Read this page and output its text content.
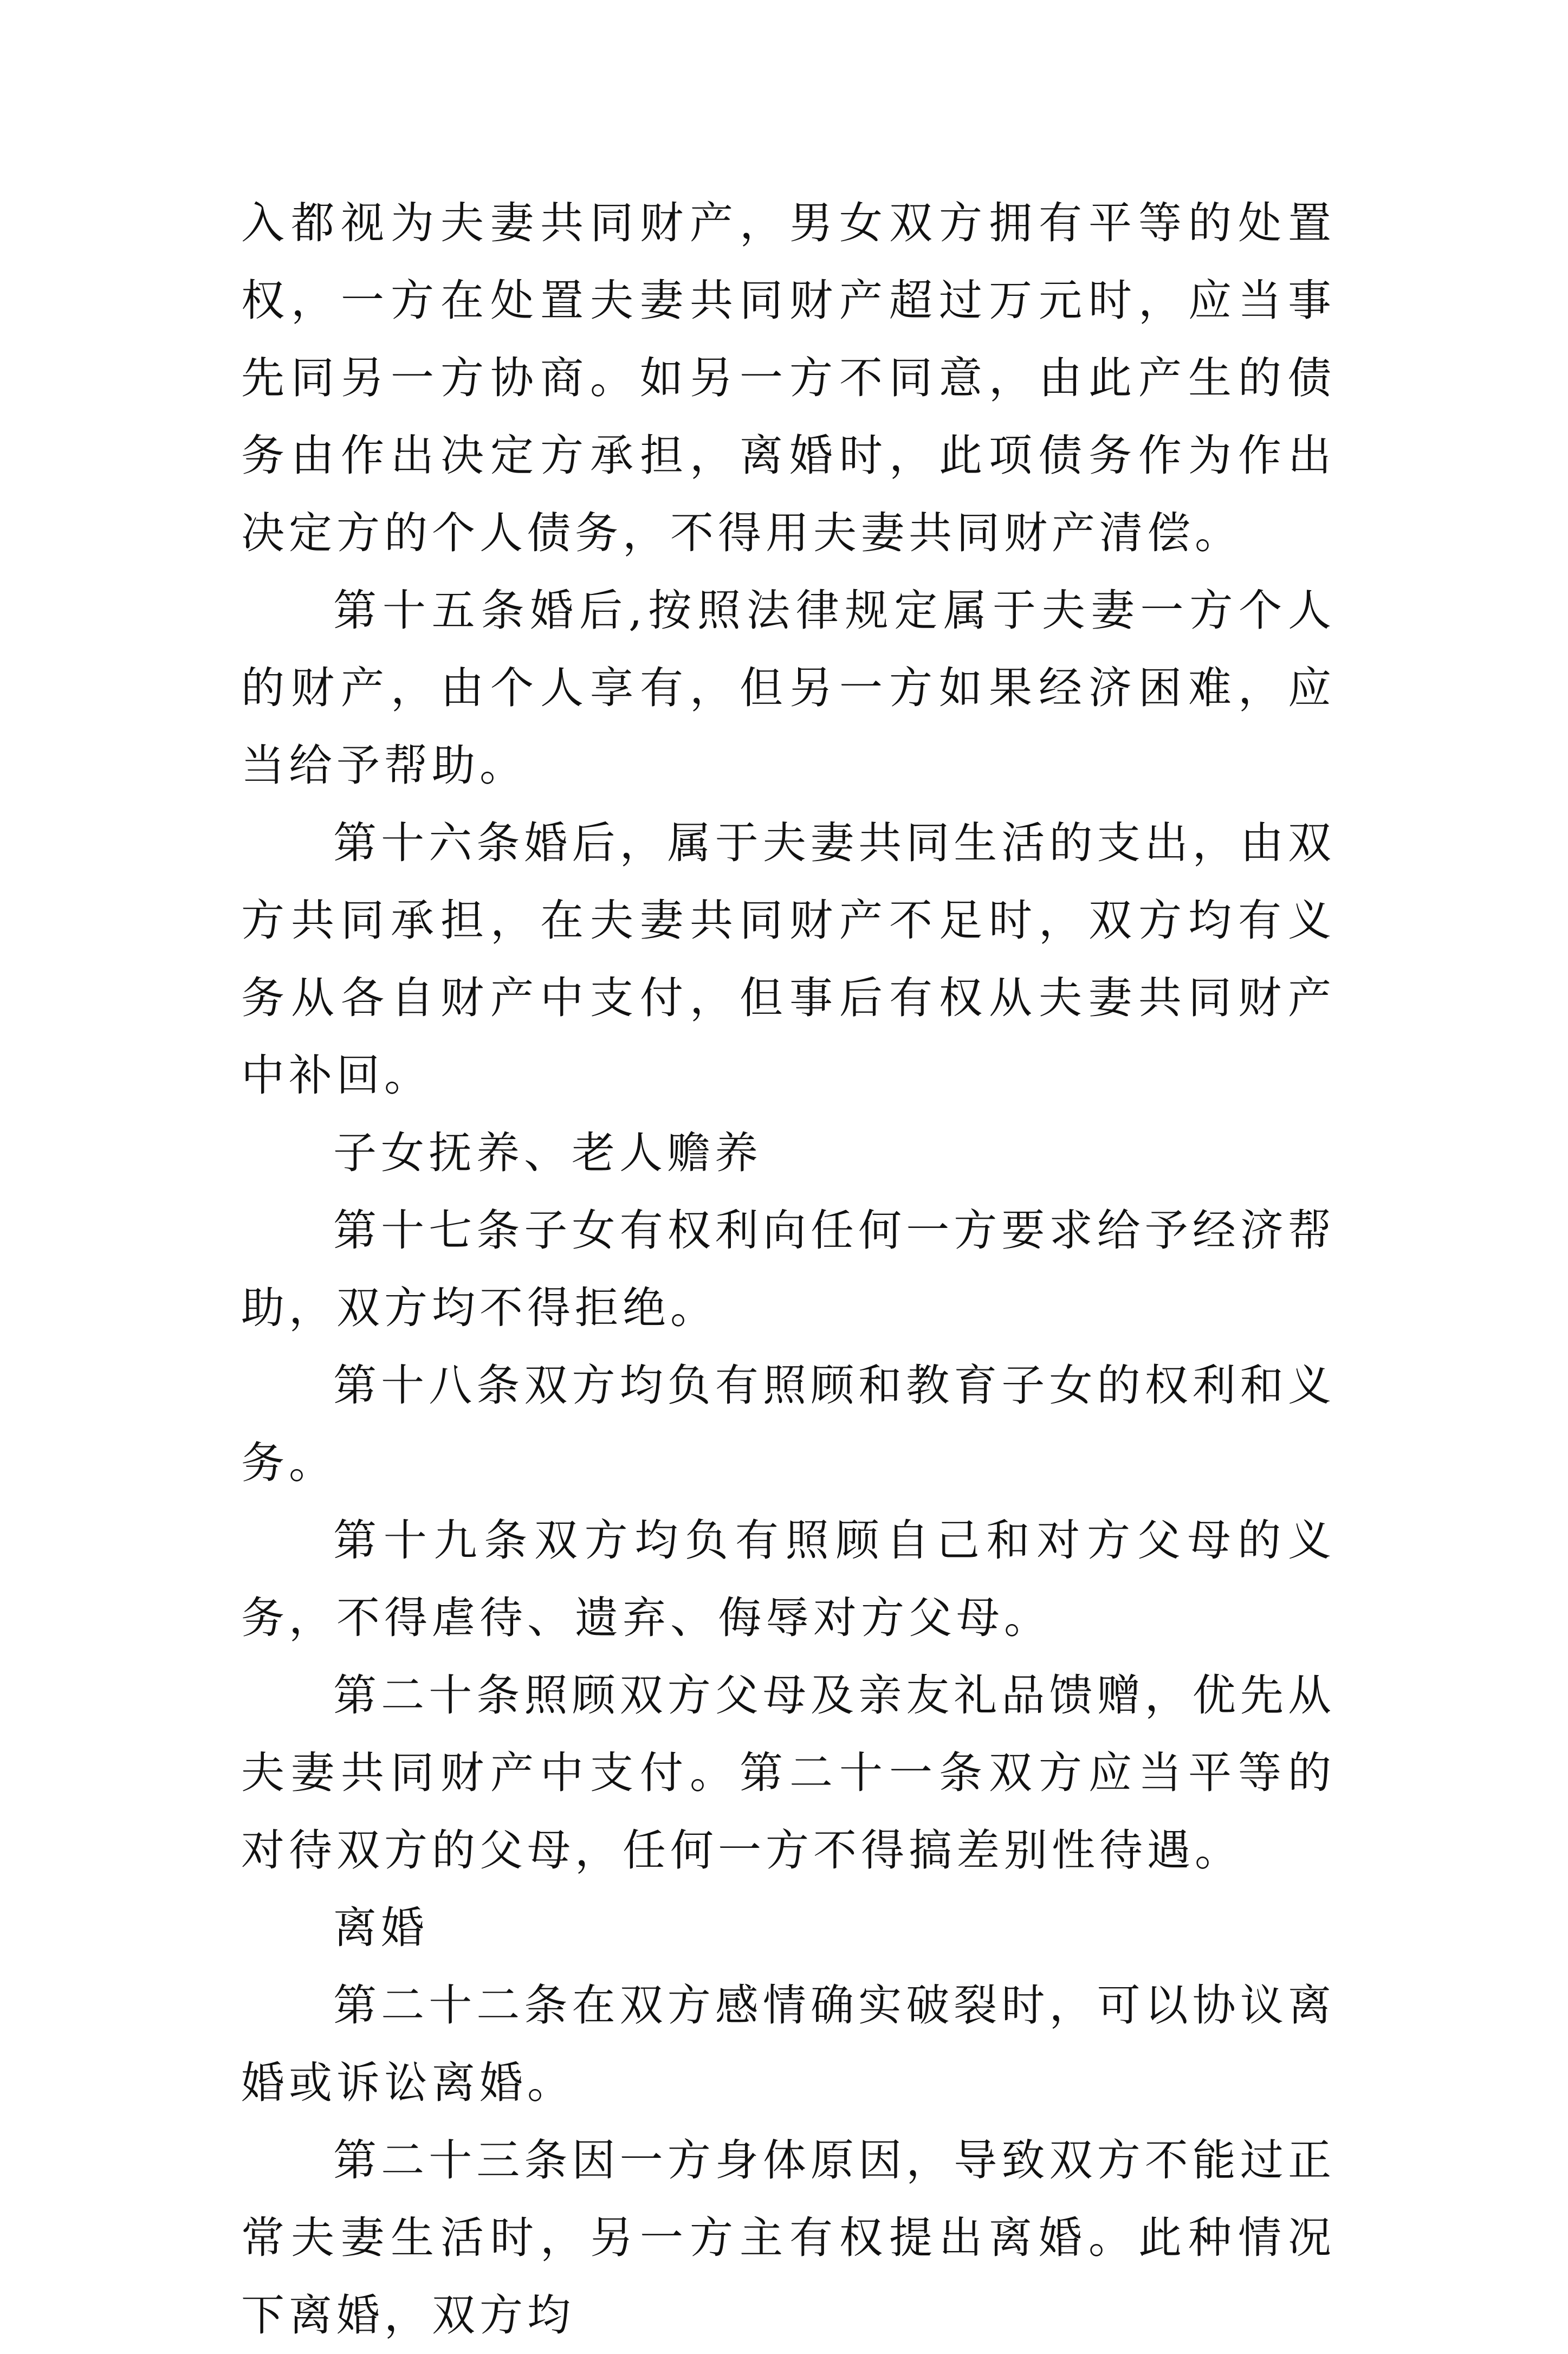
入都视为夫妻共同财产，男女双方拥有平等的处置权，一方在处置夫妻共同财产超过万元时，应当事先同另一方协商。如另一方不同意，由此产生的债务由作出决定方承担，离婚时，此项债务作为作出决定方的个人债务，不得用夫妻共同财产清偿。

第十五条婚后,按照法律规定属于夫妻一方个人的财产，由个人享有，但另一方如果经济困难，应当给予帮助。

第十六条婚后，属于夫妻共同生活的支出，由双方共同承担，在夫妻共同财产不足时，双方均有义务从各自财产中支付，但事后有权从夫妻共同财产中补回。

子女抚养、老人赡养

第十七条子女有权利向任何一方要求给予经济帮助，双方均不得拒绝。

第十八条双方均负有照顾和教育子女的权利和义务。

第十九条双方均负有照顾自己和对方父母的义务，不得虐待、遗弃、侮辱对方父母。

第二十条照顾双方父母及亲友礼品馈赠，优先从夫妻共同财产中支付。第二十一条双方应当平等的对待双方的父母，任何一方不得搞差别性待遇。

离婚

第二十二条在双方感情确实破裂时，可以协议离婚或诉讼离婚。

第二十三条因一方身体原因，导致双方不能过正常夫妻生活时，另一方主有权提出离婚。此种情况下离婚，双方均
